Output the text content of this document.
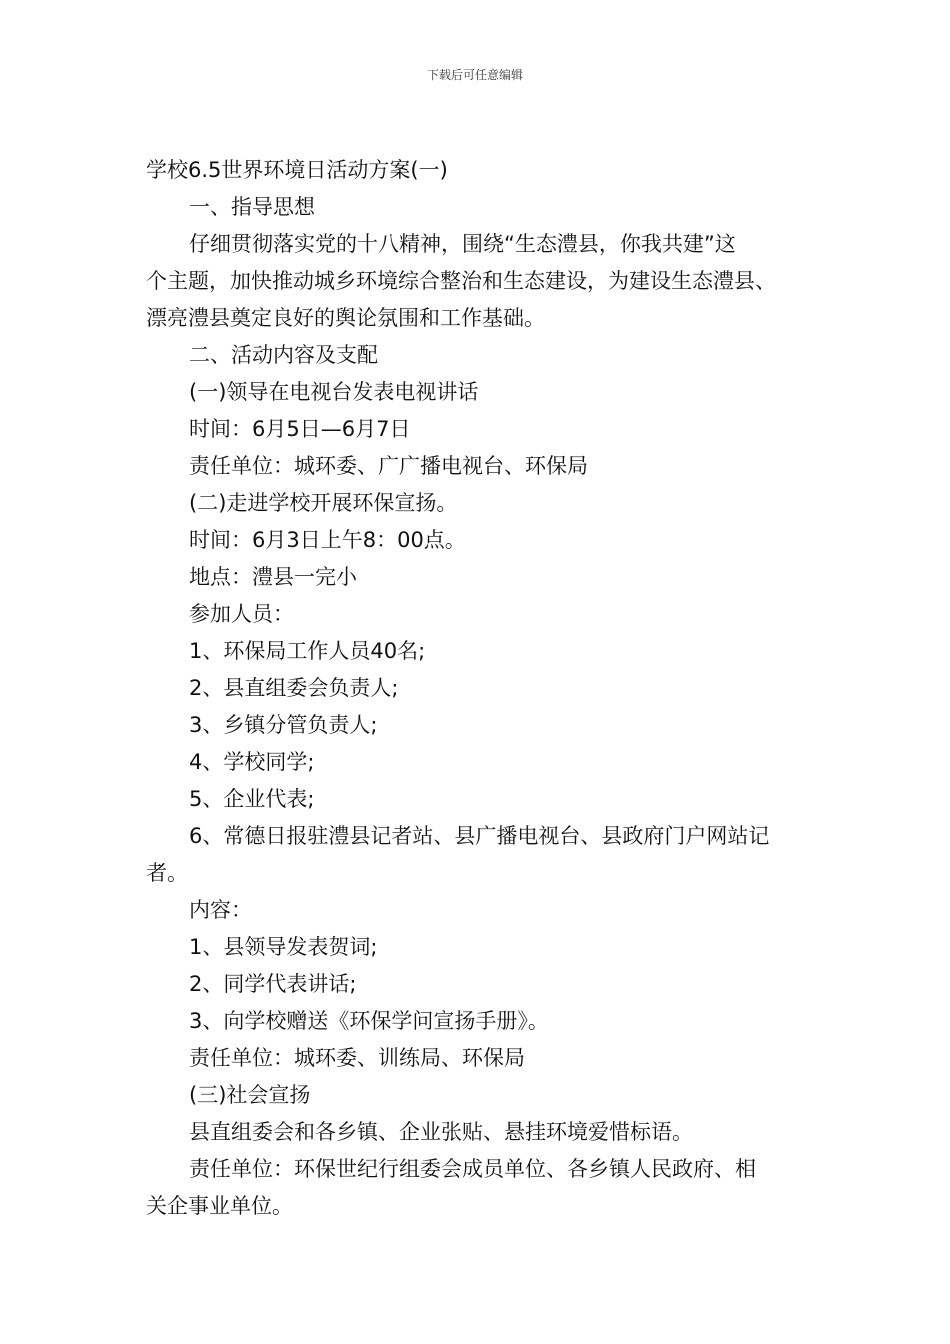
下载后可任意编辑
学校6.5世界环境日活动方案(一)
一、指导思想
仔细贯彻落实党的十八精神，围绕“生态澧县，你我共建”这
个主题，加快推动城乡环境综合整治和生态建设，为建设生态澧县、
漂亮澧县奠定良好的舆论氛围和工作基础。
二、活动内容及支配
(一)领导在电视台发表电视讲话
时间：6月5日—6月7日
责任单位：城环委、广广播电视台、环保局
(二)走进学校开展环保宣扬。
时间：6月3日上午8：00点。
地点：澧县一完小
参加人员：
1、环保局工作人员40名;
2、县直组委会负责人;
3、乡镇分管负责人;
4、学校同学;
5、企业代表;
6、常德日报驻澧县记者站、县广播电视台、县政府门户网站记
者。
内容：
1、县领导发表贺词;
2、同学代表讲话;
3、向学校赠送《环保学问宣扬手册》。
责任单位：城环委、训练局、环保局
(三)社会宣扬
县直组委会和各乡镇、企业张贴、悬挂环境爱惜标语。
责任单位：环保世纪行组委会成员单位、各乡镇人民政府、相
关企事业单位。
